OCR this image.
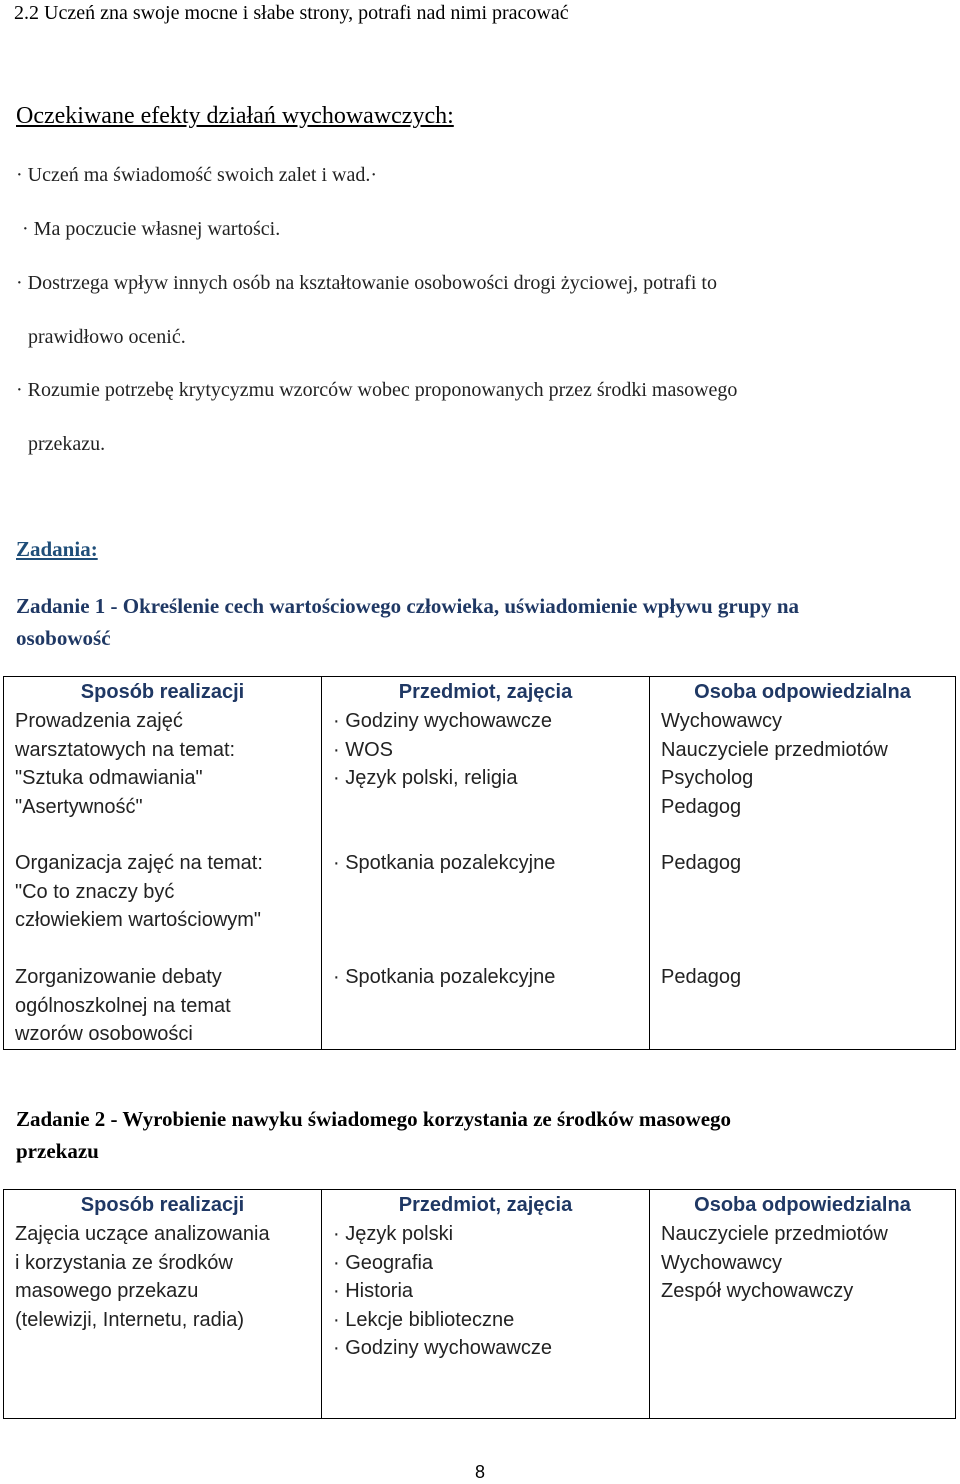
2.2 Uczeń zna swoje mocne i słabe strony, potrafi nad nimi pracować
Oczekiwane efekty działań wychowawczych:
· Uczeń ma świadomość swoich zalet i wad.·
· Ma poczucie własnej wartości.
· Dostrzega wpływ innych osób na kształtowanie osobowości drogi życiowej, potrafi to
prawidłowo ocenić.
· Rozumie potrzebę krytycyzmu wzorców wobec proponowanych przez środki masowego
przekazu.
Zadania:
Zadanie 1 - Określenie cech wartościowego człowieka, uświadomienie wpływu grupy na
osobowość
Sposób realizacji	Przedmiot, zajęcia	Osoba odpowiedzialna

Prowadzenia zajęć
warsztatowych na temat:
"Sztuka odmawiania"
"Asertywność"	· Godziny wychowawcze
· WOS
· Język polski, religia	Wychowawcy
Nauczyciele przedmiotów
Psycholog
Pedagog

Organizacja zajęć na temat:
"Co to znaczy być
człowiekiem wartościowym"	· Spotkania pozalekcyjne	Pedagog

Zorganizowanie debaty
ogólnoszkolnej na temat
wzorów osobowości	· Spotkania pozalekcyjne	Pedagog
Zadanie 2 - Wyrobienie nawyku świadomego korzystania ze środków masowego
przekazu
Sposób realizacji	Przedmiot, zajęcia	Osoba odpowiedzialna

Zajęcia uczące analizowania
i korzystania ze środków
masowego przekazu
(telewizji, Internetu, radia)	· Język polski
· Geografia
· Historia
· Lekcje biblioteczne
· Godziny wychowawcze	Nauczyciele przedmiotów
Wychowawcy
Zespół wychowawczy
8
